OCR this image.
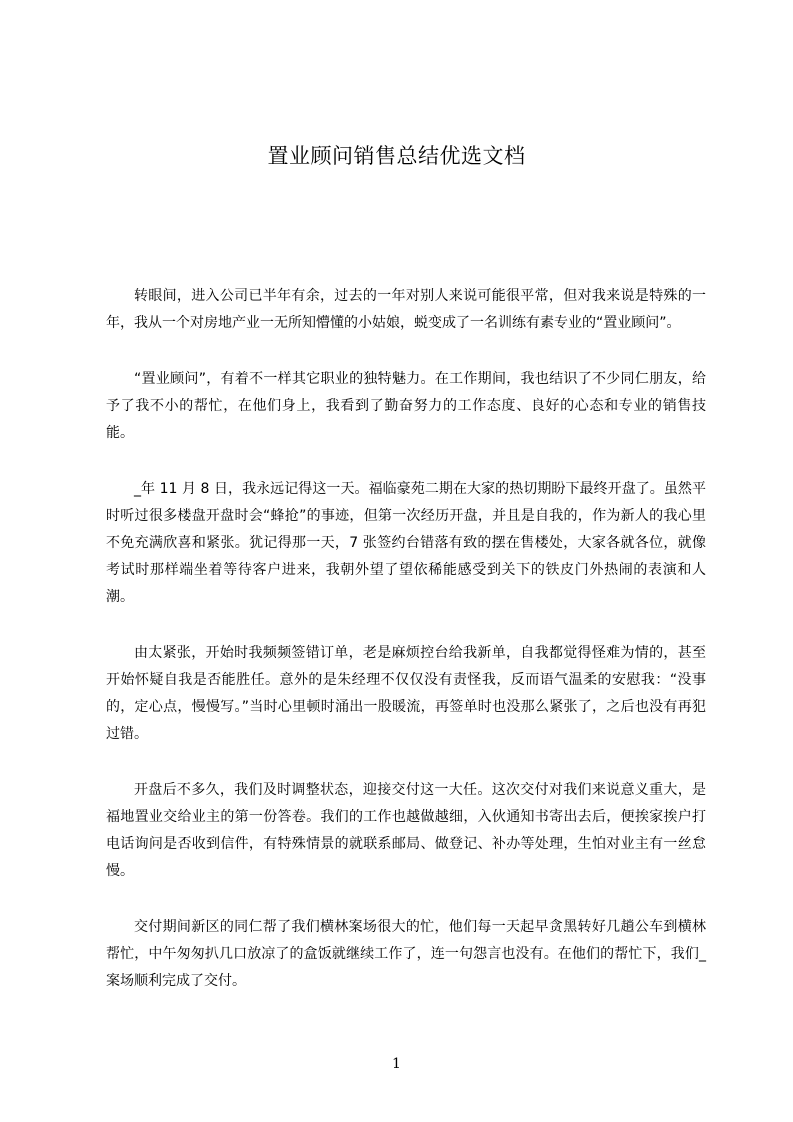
置业顾问销售总结优选文档

转眼间，进入公司已半年有余，过去的一年对别人来说可能很平常，但对我来说是特殊的一年，我从一个对房地产业一无所知懵懂的小姑娘，蜕变成了一名训练有素专业的“置业顾问”。

“置业顾问”，有着不一样其它职业的独特魅力。在工作期间，我也结识了不少同仁朋友，给予了我不小的帮忙，在他们身上，我看到了勤奋努力的工作态度、良好的心态和专业的销售技能。

_年 11 月 8 日，我永远记得这一天。福临豪苑二期在大家的热切期盼下最终开盘了。虽然平时听过很多楼盘开盘时会“蜂抢”的事迹，但第一次经历开盘，并且是自我的，作为新人的我心里不免充满欣喜和紧张。犹记得那一天，7 张签约台错落有致的摆在售楼处，大家各就各位，就像考试时那样端坐着等待客户进来，我朝外望了望依稀能感受到关下的铁皮门外热闹的表演和人潮。

由太紧张，开始时我频频签错订单，老是麻烦控台给我新单，自我都觉得怪难为情的，甚至开始怀疑自我是否能胜任。意外的是朱经理不仅仅没有责怪我，反而语气温柔的安慰我：“没事的，定心点，慢慢写。”当时心里顿时涌出一股暖流，再签单时也没那么紧张了，之后也没有再犯过错。

开盘后不多久，我们及时调整状态，迎接交付这一大任。这次交付对我们来说意义重大，是福地置业交给业主的第一份答卷。我们的工作也越做越细，入伙通知书寄出去后，便挨家挨户打电话询问是否收到信件，有特殊情景的就联系邮局、做登记、补办等处理，生怕对业主有一丝怠慢。

交付期间新区的同仁帮了我们横林案场很大的忙，他们每一天起早贪黑转好几趟公车到横林帮忙，中午匆匆扒几口放凉了的盒饭就继续工作了，连一句怨言也没有。在他们的帮忙下，我们_案场顺利完成了交付。

1
